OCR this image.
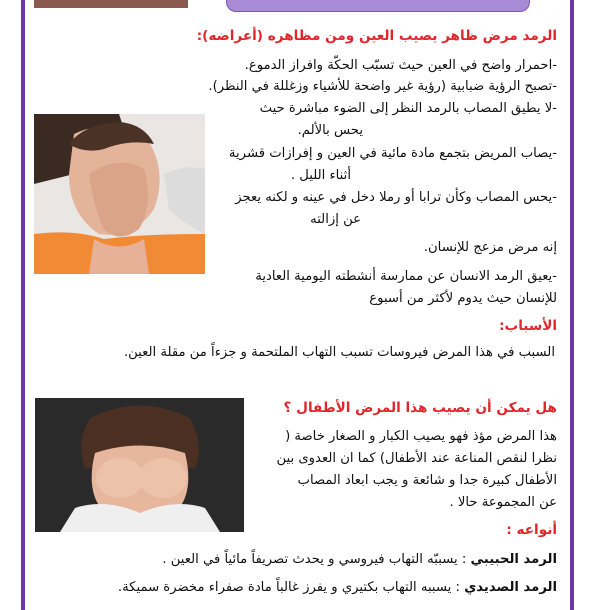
الرمد مرض ظاهر يصيب العين ومن مظاهره (أعراضه):
-احمرار واضح في العين حيث تسبّب الحكّة وافراز الدموع.
-تصبح الرؤية ضبابية (رؤية غير واضحة للأشياء وزغللة في النظر).
-لا يطيق المصاب بالرمد النظر إلى الضوء مباشرة حيث
يحس بالألم.
-يصاب المريض بتجمع مادة مائية في العين و إفرازات قشرية
أثناء الليل .
-يحس المصاب وكأن ترابا أو رملا دخل في عينه و لكنه يعجز
عن إزالته
إنه مرض مزعج للإنسان.
-يعيق الرمد الانسان عن ممارسة أنشطته اليومية العادية
للإنسان حيث يدوم لأكثر من أسبوع
الأسباب:
السبب في هذا المرض فيروسات تسبب التهاب الملتحمة و جزءاً من مقلة العين.
هل يمكن أن يصيب هذا المرض الأطفال ؟
هذا المرض مؤذ فهو يصيب الكبار و الصغار خاصة (
نظرا لنقص المناعة عند الأطفال) كما ان العدوى بين
الأطفال كبيرة جدا و شائعة و يجب ابعاد المصاب
عن المجموعة حالا .
أنواعه :
الرمد الحبيبي : يسببّه التهاب فيروسي و يحدث تصريفاً مائياً في العين .
الرمد الصديدي : يسببه التهاب بكتيري و يفرز غالباً مادة صفراء مخضرة سميكة.
